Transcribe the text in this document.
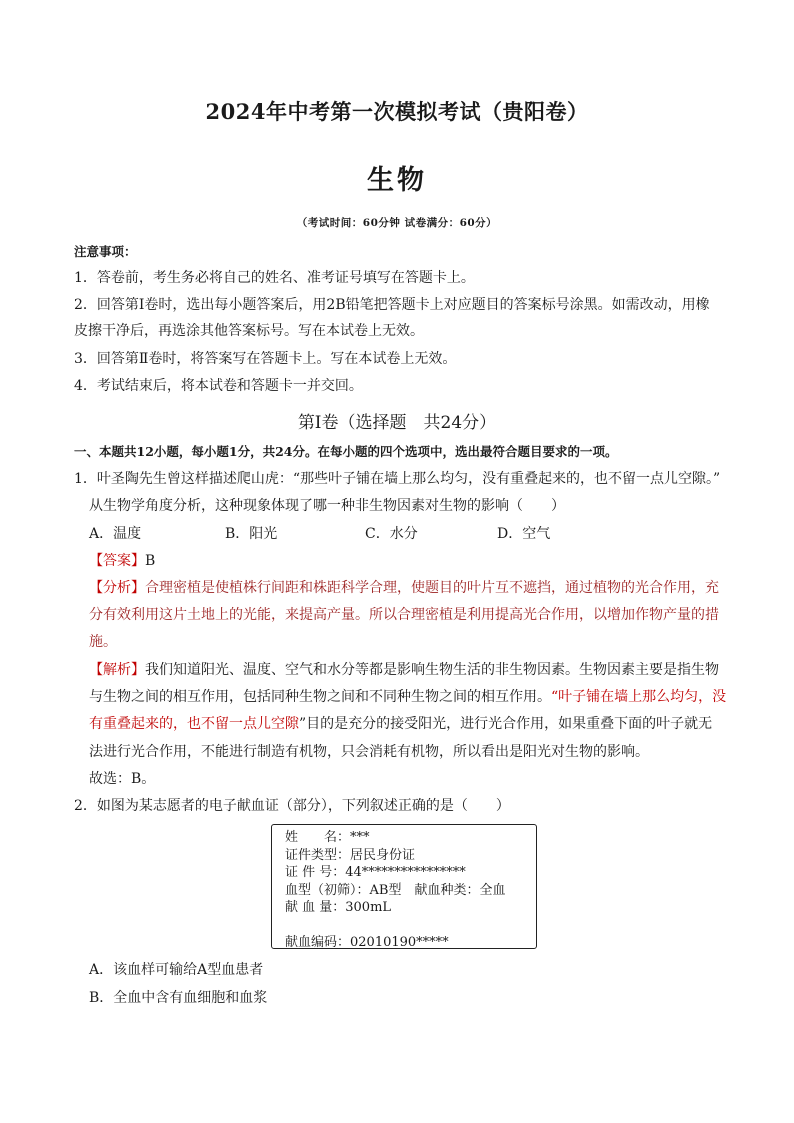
2024年中考第一次模拟考试（贵阳卷）
生物
（考试时间：60分钟 试卷满分：60分）
注意事项：
1．答卷前，考生务必将自己的姓名、准考证号填写在答题卡上。
2．回答第Ⅰ卷时，选出每小题答案后，用2B铅笔把答题卡上对应题目的答案标号涂黑。如需改动，用橡
皮擦干净后，再选涂其他答案标号。写在本试卷上无效。
3．回答第Ⅱ卷时，将答案写在答题卡上。写在本试卷上无效。
4．考试结束后，将本试卷和答题卡一并交回。
第Ⅰ卷（选择题　共24分）
一、本题共12小题，每小题1分，共24分。在每小题的四个选项中，选出最符合题目要求的一项。
1．叶圣陶先生曾这样描述爬山虎：“那些叶子铺在墙上那么均匀，没有重叠起来的，也不留一点儿空隙。”
从生物学角度分析，这种现象体现了哪一种非生物因素对生物的影响（　　）
A．温度	B．阳光	C．水分	D．空气
【答案】B
【分析】合理密植是使植株行间距和株距科学合理，使题目的叶片互不遮挡，通过植物的光合作用，充
分有效利用这片土地上的光能，来提高产量。所以合理密植是利用提高光合作用，以增加作物产量的措
施。
【解析】我们知道阳光、温度、空气和水分等都是影响生物生活的非生物因素。生物因素主要是指生物
与生物之间的相互作用，包括同种生物之间和不同种生物之间的相互作用。“叶子铺在墙上那么均匀，没
有重叠起来的，也不留一点儿空隙”目的是充分的接受阳光，进行光合作用，如果重叠下面的叶子就无
法进行光合作用，不能进行制造有机物，只会消耗有机物，所以看出是阳光对生物的影响。
故选：B。
2．如图为某志愿者的电子献血证（部分），下列叙述正确的是（　　）
姓　　名：***
证件类型：居民身份证
证 件 号：44****************
血型（初筛）：AB型　献血种类：全血
献 血 量：300mL
献血编码：02010190*****
A．该血样可输给A型血患者
B．全血中含有血细胞和血浆
